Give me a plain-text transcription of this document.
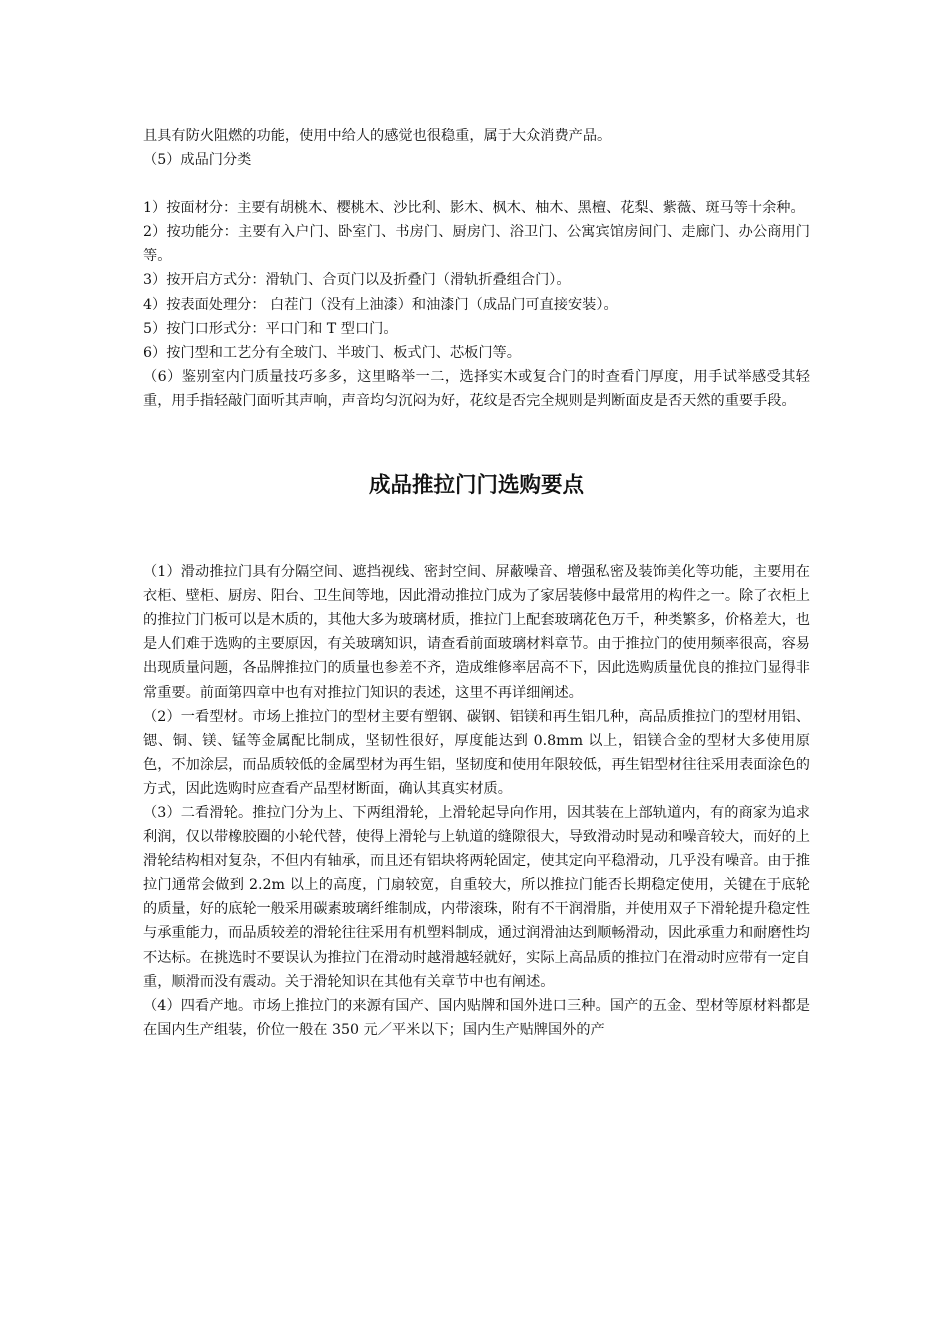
且具有防火阻燃的功能，使用中给人的感觉也很稳重，属于大众消费产品。

（5）成品门分类

1）按面材分：主要有胡桃木、樱桃木、沙比利、影木、枫木、柚木、黑檀、花梨、紫薇、斑马等十余种。

2）按功能分：主要有入户门、卧室门、书房门、厨房门、浴卫门、公寓宾馆房间门、走廊门、办公商用门等。

3）按开启方式分：滑轨门、合页门以及折叠门（滑轨折叠组合门）。

4）按表面处理分： 白茬门（没有上油漆）和油漆门（成品门可直接安装）。

5）按门口形式分：平口门和 T 型口门。

6）按门型和工艺分有全玻门、半玻门、板式门、芯板门等。

（6）鉴别室内门质量技巧多多，这里略举一二，选择实木或复合门的时查看门厚度，用手试举感受其轻重，用手指轻敲门面听其声响，声音均匀沉闷为好，花纹是否完全规则是判断面皮是否天然的重要手段。

成品推拉门门选购要点

（1）滑动推拉门具有分隔空间、遮挡视线、密封空间、屏蔽噪音、增强私密及装饰美化等功能，主要用在衣柜、壁柜、厨房、阳台、卫生间等地，因此滑动推拉门成为了家居装修中最常用的构件之一。除了衣柜上的推拉门门板可以是木质的，其他大多为玻璃材质，推拉门上配套玻璃花色万千，种类繁多，价格差大，也是人们难于选购的主要原因，有关玻璃知识，请查看前面玻璃材料章节。由于推拉门的使用频率很高，容易出现质量问题，各品牌推拉门的质量也参差不齐，造成维修率居高不下，因此选购质量优良的推拉门显得非常重要。前面第四章中也有对推拉门知识的表述，这里不再详细阐述。

（2）一看型材。市场上推拉门的型材主要有塑钢、碳钢、铝镁和再生铝几种，高品质推拉门的型材用铝、锶、铜、镁、锰等金属配比制成，坚韧性很好，厚度能达到 0.8mm 以上，铝镁合金的型材大多使用原色，不加涂层，而品质较低的金属型材为再生铝，坚韧度和使用年限较低，再生铝型材往往采用表面涂色的方式，因此选购时应查看产品型材断面，确认其真实材质。

（3）二看滑轮。推拉门分为上、下两组滑轮，上滑轮起导向作用，因其装在上部轨道内，有的商家为追求利润，仅以带橡胶圈的小轮代替，使得上滑轮与上轨道的缝隙很大，导致滑动时晃动和噪音较大，而好的上滑轮结构相对复杂，不但内有轴承，而且还有铝块将两轮固定，使其定向平稳滑动，几乎没有噪音。由于推拉门通常会做到 2.2m 以上的高度，门扇较宽，自重较大，所以推拉门能否长期稳定使用，关键在于底轮的质量，好的底轮一般采用碳素玻璃纤维制成，内带滚珠，附有不干润滑脂，并使用双子下滑轮提升稳定性与承重能力，而品质较差的滑轮往往采用有机塑料制成，通过润滑油达到顺畅滑动，因此承重力和耐磨性均不达标。在挑选时不要误认为推拉门在滑动时越滑越轻就好，实际上高品质的推拉门在滑动时应带有一定自重，顺滑而没有震动。关于滑轮知识在其他有关章节中也有阐述。

（4）四看产地。市场上推拉门的来源有国产、国内贴牌和国外进口三种。国产的五金、型材等原材料都是在国内生产组装，价位一般在 350 元／平米以下；国内生产贴牌国外的产
